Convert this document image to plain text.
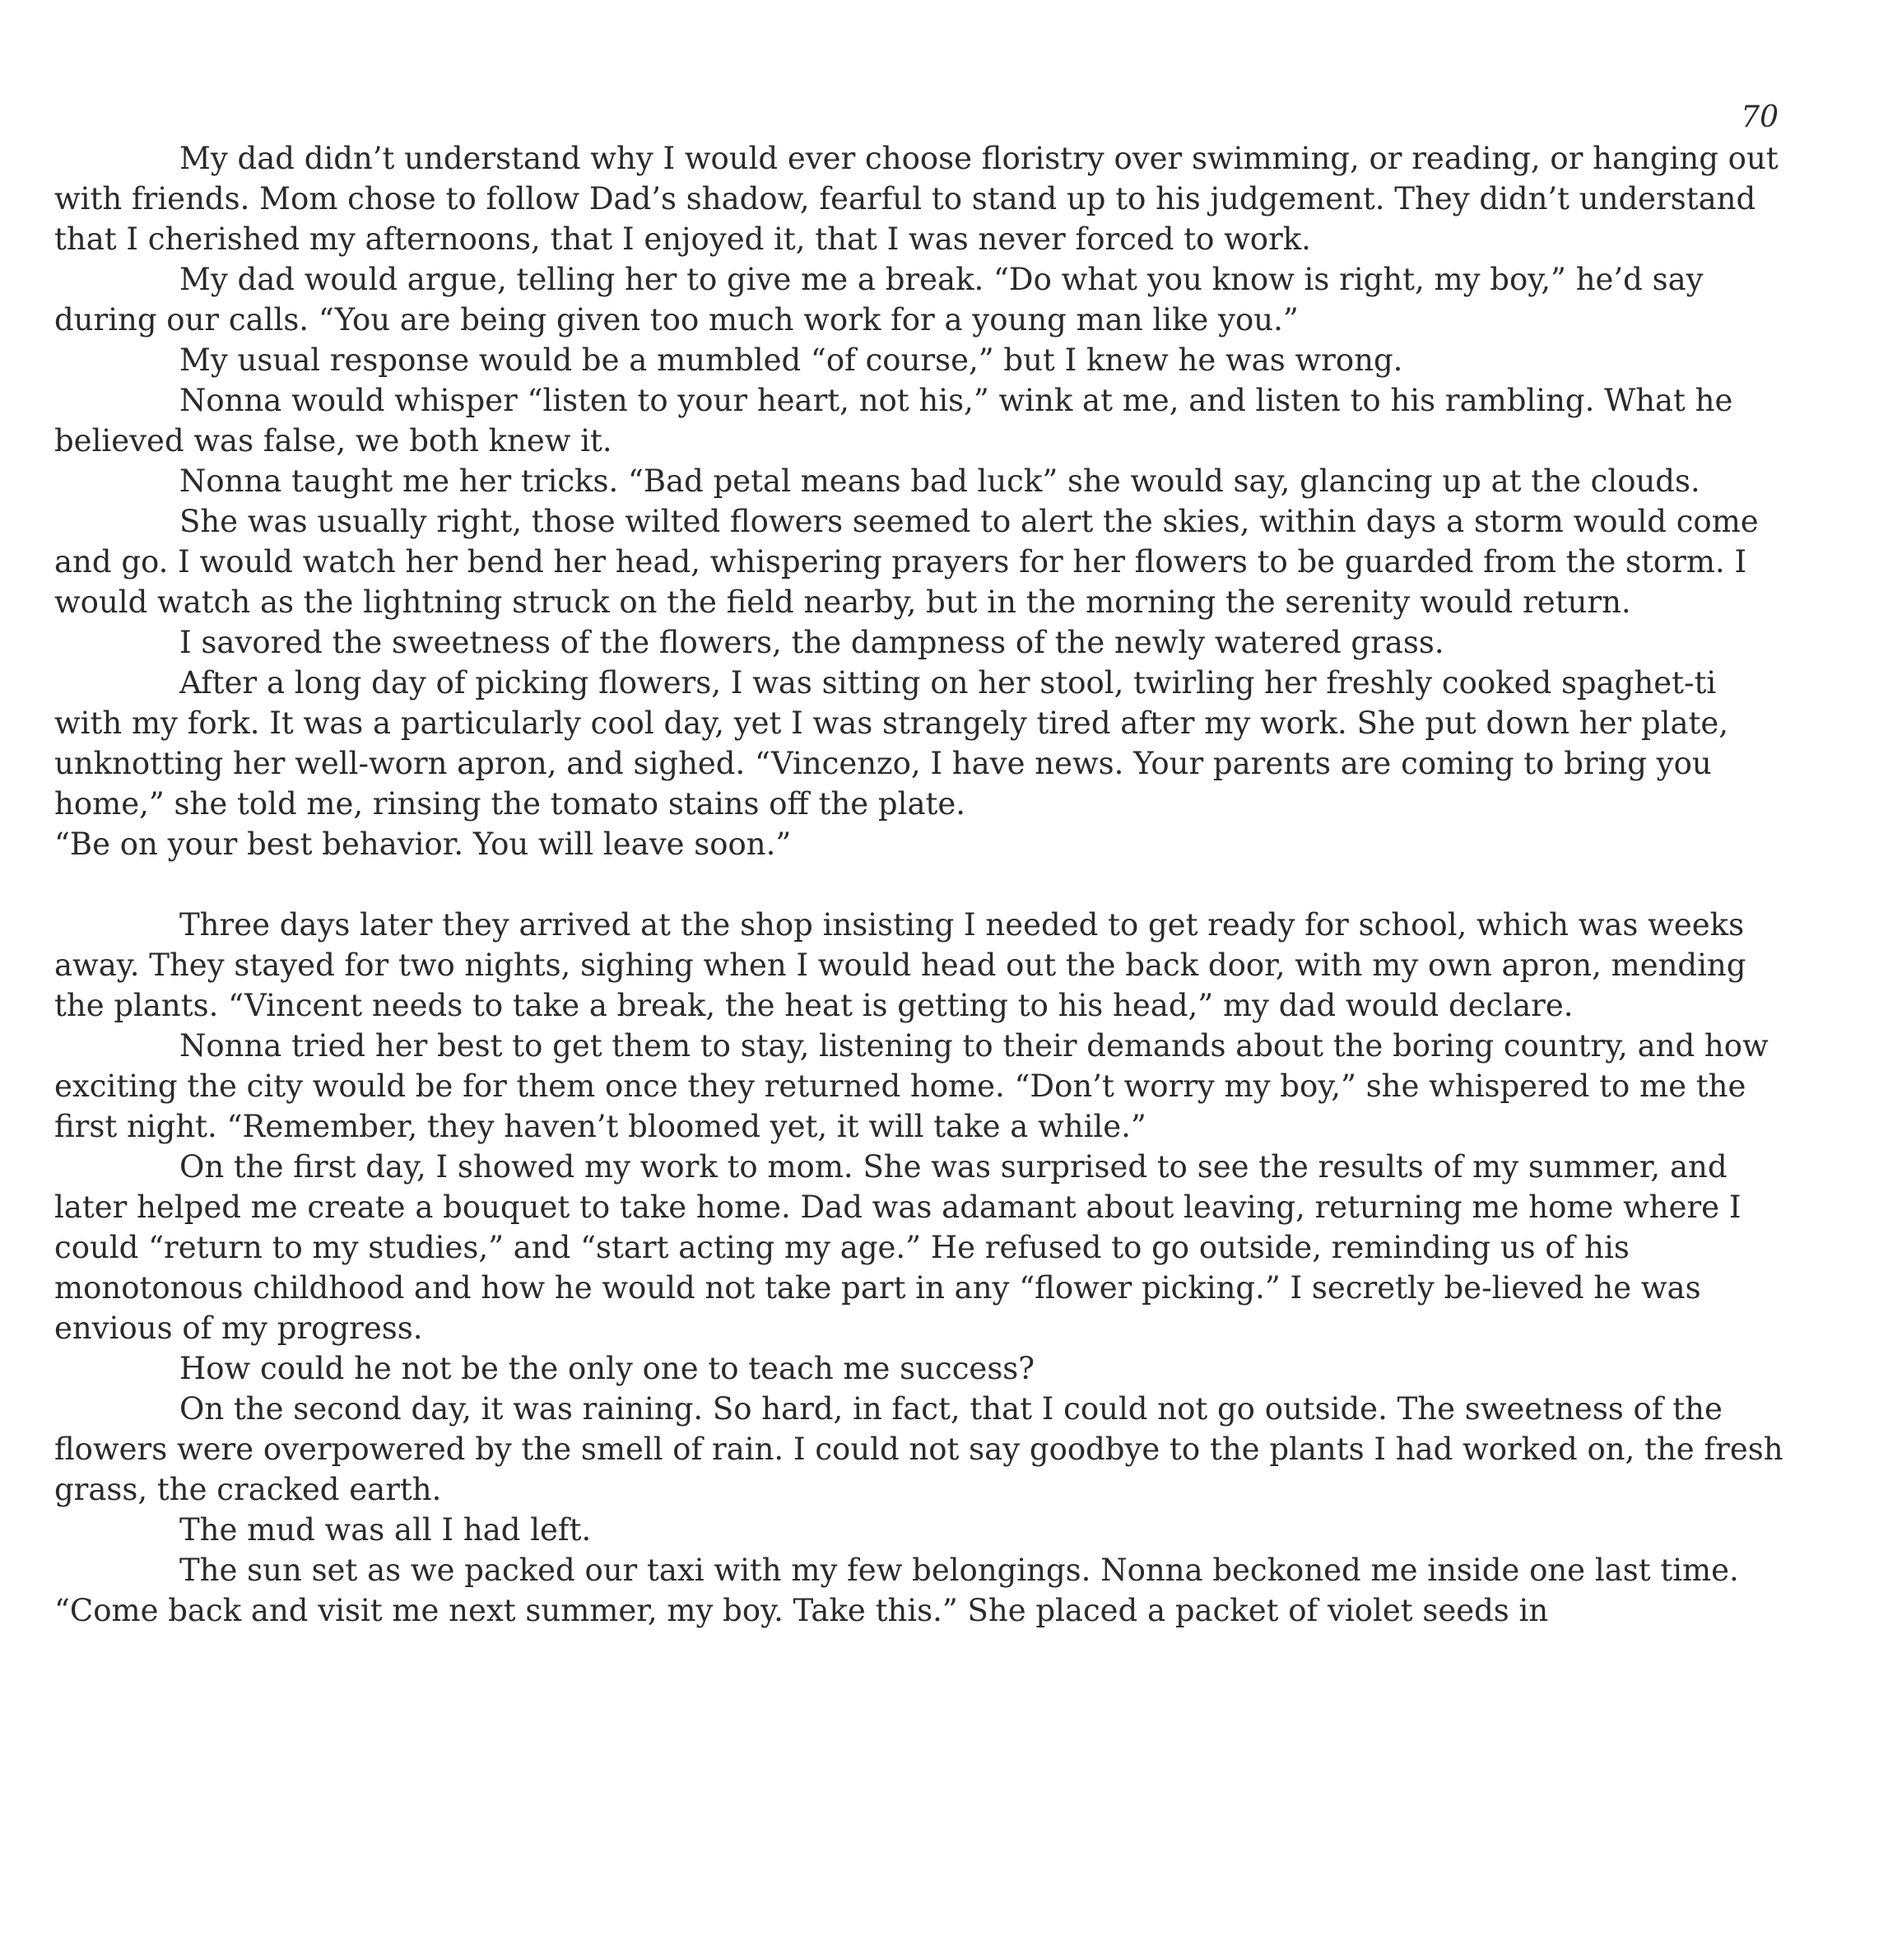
70

My dad didn’t understand why I would ever choose floristry over swimming, or reading, or hanging out with friends. Mom chose to follow Dad’s shadow, fearful to stand up to his judgement. They didn’t understand that I cherished my afternoons, that I enjoyed it, that I was never forced to work.

My dad would argue, telling her to give me a break. “Do what you know is right, my boy,” he’d say during our calls. “You are being given too much work for a young man like you.”

My usual response would be a mumbled “of course,” but I knew he was wrong.

Nonna would whisper “listen to your heart, not his,” wink at me, and listen to his rambling. What he believed was false, we both knew it.

Nonna taught me her tricks. “Bad petal means bad luck” she would say, glancing up at the clouds.

She was usually right, those wilted flowers seemed to alert the skies, within days a storm would come and go. I would watch her bend her head, whispering prayers for her flowers to be guarded from the storm. I would watch as the lightning struck on the field nearby, but in the morning the serenity would return.

I savored the sweetness of the flowers, the dampness of the newly watered grass.

After a long day of picking flowers, I was sitting on her stool, twirling her freshly cooked spaghet-ti with my fork. It was a particularly cool day, yet I was strangely tired after my work. She put down her plate, unknotting her well-worn apron, and sighed. “Vincenzo, I have news. Your parents are coming to bring you home,” she told me, rinsing the tomato stains off the plate.

“Be on your best behavior. You will leave soon.”

Three days later they arrived at the shop insisting I needed to get ready for school, which was weeks away. They stayed for two nights, sighing when I would head out the back door, with my own apron, mending the plants. “Vincent needs to take a break, the heat is getting to his head,” my dad would declare.

Nonna tried her best to get them to stay, listening to their demands about the boring country, and how exciting the city would be for them once they returned home. “Don’t worry my boy,” she whispered to me the first night. “Remember, they haven’t bloomed yet, it will take a while.”

On the first day, I showed my work to mom. She was surprised to see the results of my summer, and later helped me create a bouquet to take home. Dad was adamant about leaving, returning me home where I could “return to my studies,” and “start acting my age.” He refused to go outside, reminding us of his monotonous childhood and how he would not take part in any “flower picking.” I secretly be-lieved he was envious of my progress.

How could he not be the only one to teach me success?

On the second day, it was raining. So hard, in fact, that I could not go outside. The sweetness of the flowers were overpowered by the smell of rain. I could not say goodbye to the plants I had worked on, the fresh grass, the cracked earth.

The mud was all I had left.

The sun set as we packed our taxi with my few belongings. Nonna beckoned me inside one last time. “Come back and visit me next summer, my boy. Take this.” She placed a packet of violet seeds in
